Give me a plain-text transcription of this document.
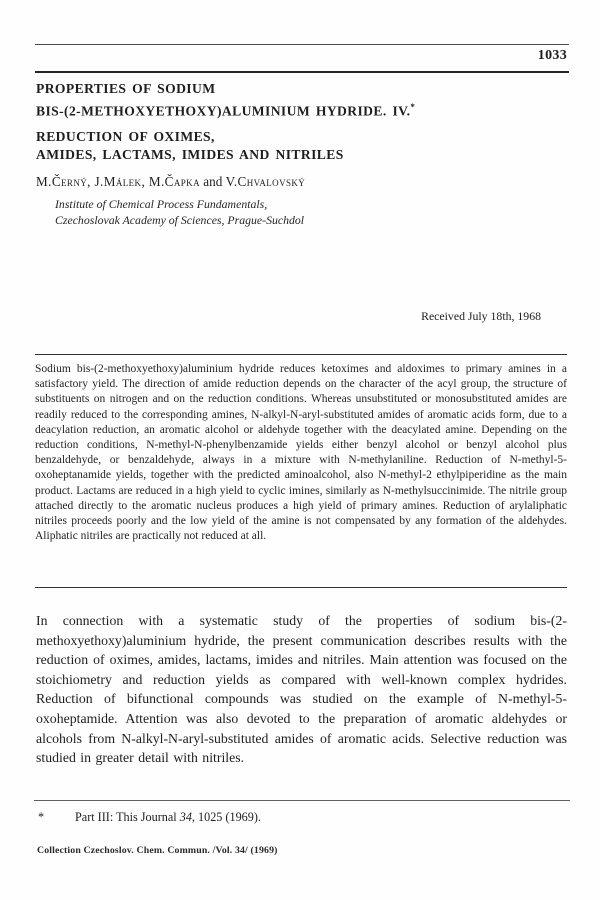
1033
PROPERTIES OF SODIUM
BIS-(2-METHOXYETHOXY)ALUMINIUM HYDRIDE. IV.*
REDUCTION OF OXIMES,
AMIDES, LACTAMS, IMIDES AND NITRILES
M.Černý, J.Málek, M.Čapka and V.Chvalovský
Institute of Chemical Process Fundamentals,
Czechoslovak Academy of Sciences, Prague-Suchdol
Received July 18th, 1968
Sodium bis-(2-methoxyethoxy)aluminium hydride reduces ketoximes and aldoximes to primary amines in a satisfactory yield. The direction of amide reduction depends on the character of the acyl group, the structure of substituents on nitrogen and on the reduction conditions. Whereas unsubstituted or monosubstituted amides are readily reduced to the corresponding amines, N-alkyl-N-aryl-substituted amides of aromatic acids form, due to a deacylation reduction, an aromatic alcohol or aldehyde together with the deacylated amine. Depending on the reduction conditions, N-methyl-N-phenylbenzamide yields either benzyl alcohol or benzyl alcohol plus benzaldehyde, or benzaldehyde, always in a mixture with N-methylaniline. Reduction of N-methyl-5-oxoheptanamide yields, together with the predicted aminoalcohol, also N-methyl-2 ethylpiperidine as the main product. Lactams are reduced in a high yield to cyclic imines, similarly as N-methylsuccinimide. The nitrile group attached directly to the aromatic nucleus produces a high yield of primary amines. Reduction of arylaliphatic nitriles proceeds poorly and the low yield of the amine is not compensated by any formation of the aldehydes. Aliphatic nitriles are practically not reduced at all.
In connection with a systematic study of the properties of sodium bis-(2-methoxyethoxy)aluminium hydride, the present communication describes results with the reduction of oximes, amides, lactams, imides and nitriles. Main attention was focused on the stoichiometry and reduction yields as compared with well-known complex hydrides. Reduction of bifunctional compounds was studied on the example of N-methyl-5-oxoheptamide. Attention was also devoted to the preparation of aromatic aldehydes or alcohols from N-alkyl-N-aryl-substituted amides of aromatic acids. Selective reduction was studied in greater detail with nitriles.
*	Part III: This Journal 34, 1025 (1969).
Collection Czechoslov. Chem. Commun. /Vol. 34/ (1969)
